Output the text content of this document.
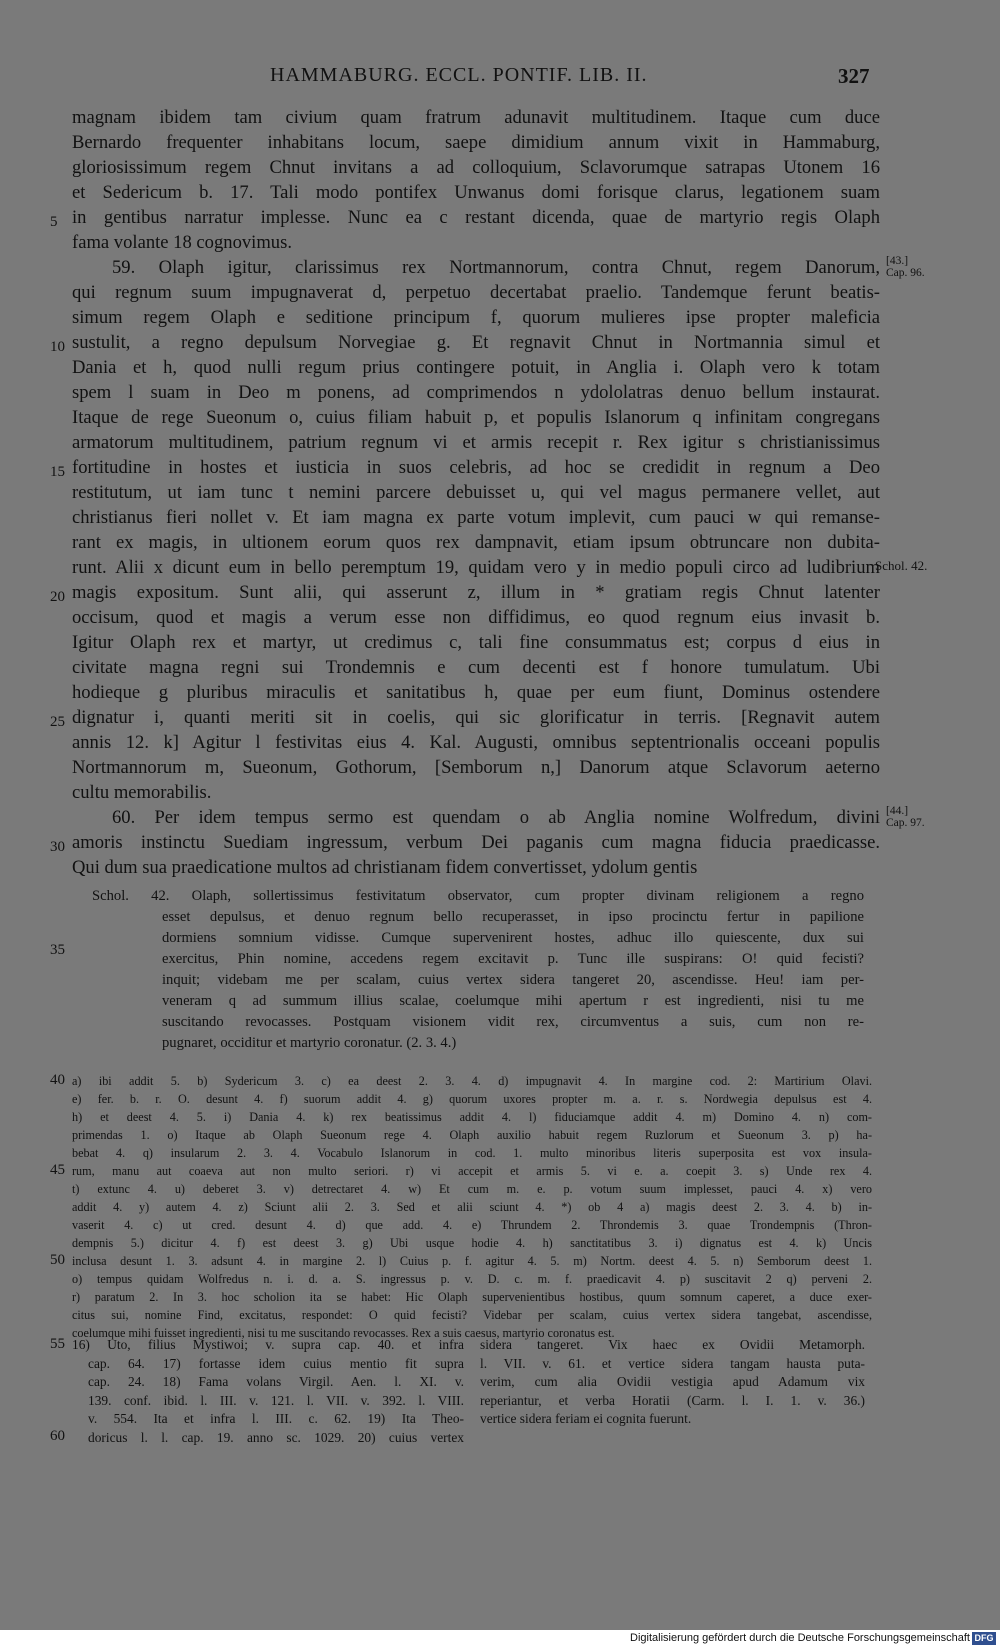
HAMMABURG. ECCL. PONTIF. LIB. II.	327
magnam ibidem tam civium quam fratrum adunavit multitudinem. Itaque cum duce
Bernardo frequenter inhabitans locum, saepe dimidium annum vixit in Hammaburg,
gloriosissimum regem Chnut invitans a ad colloquium, Sclavorumque satrapas Utonem 16
et Sedericum b. 17. Tali modo pontifex Unwanus domi forisque clarus, legationem suam
in gentibus narratur implesse. Nunc ea c restant dicenda, quae de martyrio regis Olaph
fama volante 18 cognovimus.
59. Olaph igitur, clarissimus rex Nortmannorum, contra Chnut, regem Danorum,
qui regnum suum impugnaverat d, perpetuo decertabat praelio. Tandemque ferunt beatis-
simum regem Olaph e seditione principum f, quorum mulieres ipse propter maleficia
sustulit, a regno depulsum Norvegiae g. Et regnavit Chnut in Nortmannia simul et
Dania et h, quod nulli regum prius contingere potuit, in Anglia i. Olaph vero k totam
spem l suam in Deo m ponens, ad comprimendos n ydololatras denuo bellum instaurat.
Itaque de rege Sueonum o, cuius filiam habuit p, et populis Islanorum q infinitam congregans
armatorum multitudinem, patrium regnum vi et armis recepit r. Rex igitur s christianissimus
fortitudine in hostes et iusticia in suos celebris, ad hoc se credidit in regnum a Deo
restitutum, ut iam tunc t nemini parcere debuisset u, qui vel magus permanere vellet, aut
christianus fieri nollet v. Et iam magna ex parte votum implevit, cum pauci w qui remanse-
rant ex magis, in ultionem eorum quos rex dampnavit, etiam ipsum obtruncare non dubita-
runt. Alii x dicunt eum in bello peremptum 19, quidam vero y in medio populi circo ad ludibrium
magis expositum. Sunt alii, qui asserunt z, illum in * gratiam regis Chnut latenter
occisum, quod et magis a verum esse non diffidimus, eo quod regnum eius invasit b.
Igitur Olaph rex et martyr, ut credimus c, tali fine consummatus est; corpus d eius in
civitate magna regni sui Trondemnis e cum decenti est f honore tumulatum. Ubi
hodieque g pluribus miraculis et sanitatibus h, quae per eum fiunt, Dominus ostendere
dignatur i, quanti meriti sit in coelis, qui sic glorificatur in terris. [Regnavit autem
annis 12. k] Agitur l festivitas eius 4. Kal. Augusti, omnibus septentrionalis occeani populis
Nortmannorum m, Sueonum, Gothorum, [Semborum n,] Danorum atque Sclavorum aeterno
cultu memorabilis.
60. Per idem tempus sermo est quendam o ab Anglia nomine Wolfredum, divini
amoris instinctu Suediam ingressum, verbum Dei paganis cum magna fiducia praedicasse.
Qui dum sua praedicatione multos ad christianam fidem convertisset, ydolum gentis
5
10
15
20
25
30
[43.]
Cap. 96.
[44.]
Cap. 97.
Schol. 42.
Schol. 42. Olaph, sollertissimus festivitatum observator, cum propter divinam religionem a regno
esset depulsus, et denuo regnum bello recuperasset, in ipso procinctu fertur in papilione
dormiens somnium vidisse. Cumque supervenirent hostes, adhuc illo quiescente, dux sui
exercitus, Phin nomine, accedens regem excitavit p. Tunc ille suspirans: O! quid fecisti?
inquit; videbam me per scalam, cuius vertex sidera tangeret 20, ascendisse. Heu! iam per-
veneram q ad summum illius scalae, coelumque mihi apertum r est ingredienti, nisi tu me
suscitando revocasses. Postquam visionem vidit rex, circumventus a suis, cum non re-
pugnaret, occiditur et martyrio coronatur. (2. 3. 4.)
35
a) ibi addit 5. b) Sydericum 3. c) ea deest 2. 3. 4. d) impugnavit 4. In margine cod. 2: Martirium Olavi.
e) fer. b. r. O. desunt 4. f) suorum addit 4. g) quorum uxores propter m. a. r. s. Nordwegia depulsus est 4.
h) et deest 4. 5. i) Dania 4. k) rex beatissimus addit 4. l) fiduciamque addit 4. m) Domino 4. n) com-
primendas 1. o) Itaque ab Olaph Sueonum rege 4. Olaph auxilio habuit regem Ruzlorum et Sueonum 3. p) ha-
bebat 4. q) insularum 2. 3. 4. Vocabulo Islanorum in cod. 1. multo minoribus literis superposita est vox insula-
rum, manu aut coaeva aut non multo seriori. r) vi accepit et armis 5. vi e. a. coepit 3. s) Unde rex 4.
t) extunc 4. u) deberet 3. v) detrectaret 4. w) Et cum m. e. p. votum suum implesset, pauci 4. x) vero
addit 4. y) autem 4. z) Sciunt alii 2. 3. Sed et alii sciunt 4. *) ob 4 a) magis deest 2. 3. 4. b) in-
vaserit 4. c) ut cred. desunt 4. d) que add. 4. e) Thrundem 2. Throndemis 3. quae Trondempnis (Thron-
dempnis 5.) dicitur 4. f) est deest 3. g) Ubi usque hodie 4. h) sanctitatibus 3. i) dignatus est 4. k) Uncis
inclusa desunt 1. 3. adsunt 4. in margine 2. l) Cuius p. f. agitur 4. 5. m) Nortm. deest 4. 5. n) Semborum deest 1.
o) tempus quidam Wolfredus n. i. d. a. S. ingressus p. v. D. c. m. f. praedicavit 4. p) suscitavit 2 q) perveni 2.
r) paratum 2. In 3. hoc scholion ita se habet: Hic Olaph supervenientibus hostibus, quum somnum caperet, a duce exer-
citus sui, nomine Find, excitatus, respondet: O quid fecisti? Videbar per scalam, cuius vertex sidera tangebat, ascendisse,
coelumque mihi fuisset ingredienti, nisi tu me suscitando revocasses. Rex a suis caesus, martyrio coronatus est.
40
45
50
16) Uto, filius Mystiwoi; v. supra cap. 40. et infra
cap. 64. 17) fortasse idem cuius mentio fit supra
cap. 24. 18) Fama volans Virgil. Aen. l. XI. v.
139. conf. ibid. l. III. v. 121. l. VII. v. 392. l. VIII.
v. 554. Ita et infra l. III. c. 62. 19) Ita Theo-
doricus l. l. cap. 19. anno sc. 1029. 20) cuius vertex
sidera tangeret. Vix haec ex Ovidii Metamorph.
l. VII. v. 61. et vertice sidera tangam hausta puta-
verim, cum alia Ovidii vestigia apud Adamum vix
reperiantur, et verba Horatii (Carm. l. I. 1. v. 36.)
vertice sidera feriam ei cognita fuerunt.
55
60
Digitalisierung gefördert durch die Deutsche Forschungsgemeinschaft DFG
